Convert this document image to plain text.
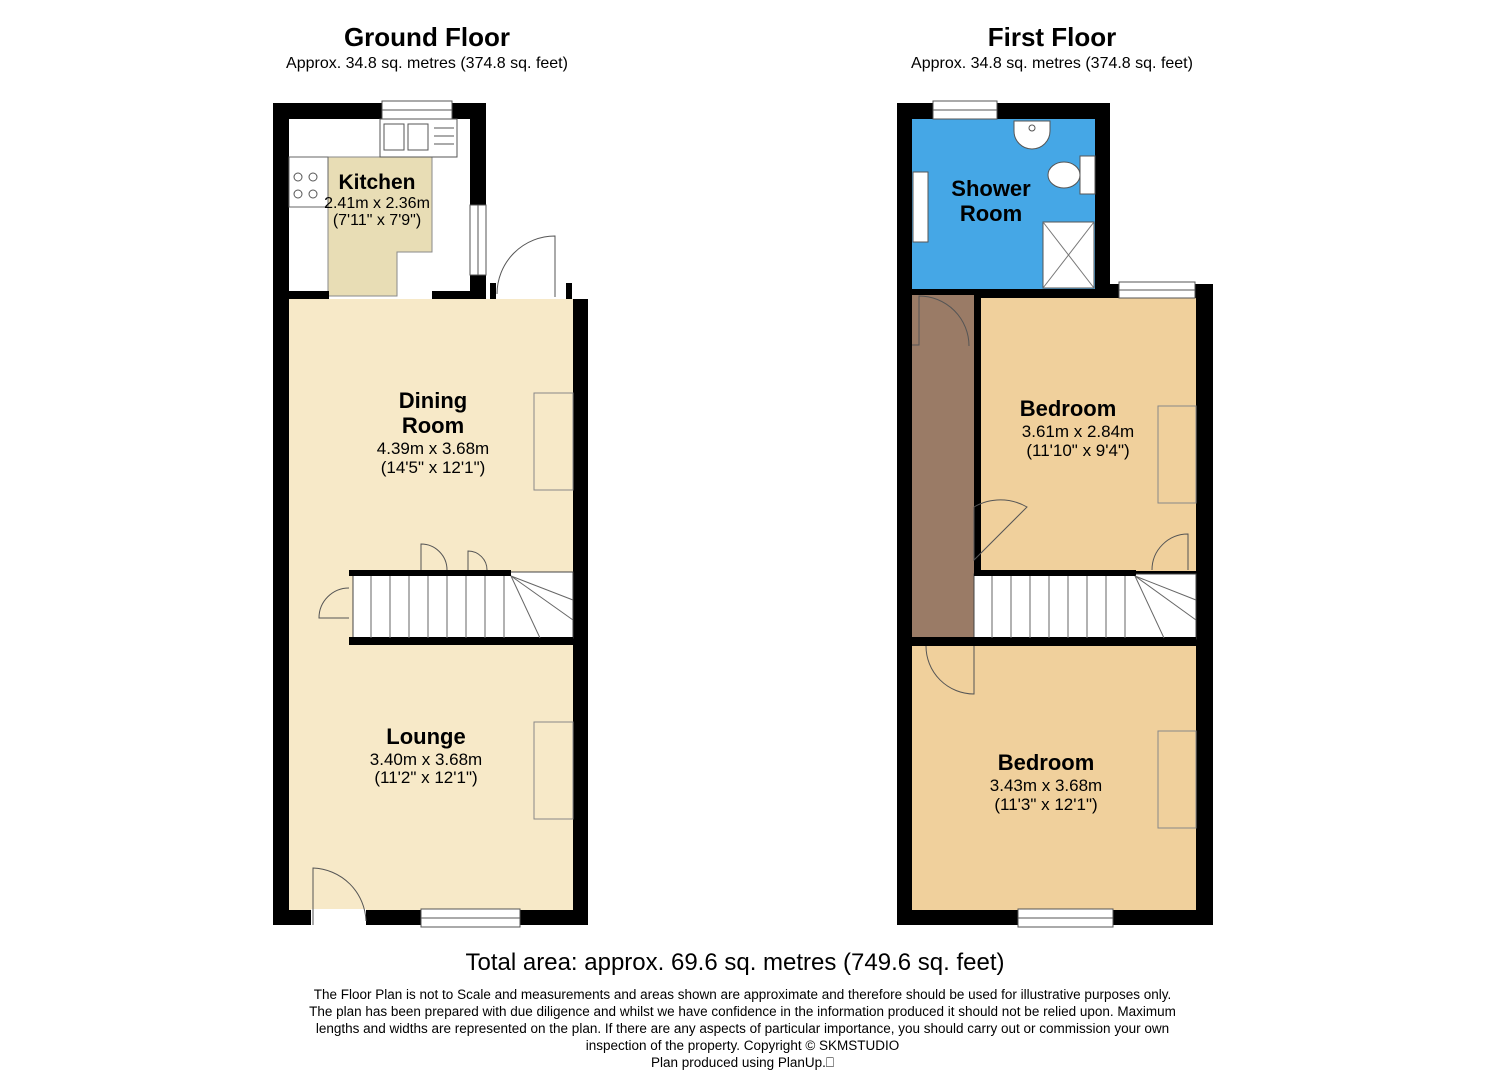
Ground Floor
Approx. 34.8 sq. metres (374.8 sq. feet)
First Floor
Approx. 34.8 sq. metres (374.8 sq. feet)
Kitchen
2.41m x 2.36m
(7'11" x 7'9")
Dining
Room
4.39m x 3.68m
(14'5" x 12'1")
Lounge
3.40m x 3.68m
(11'2" x 12'1")
Shower
Room
Bedroom
3.61m x 2.84m
(11'10" x 9'4")
Bedroom
3.43m x 3.68m
(11'3" x 12'1")
Total area: approx. 69.6 sq. metres (749.6 sq. feet)
The Floor Plan is not to Scale and measurements and areas shown are approximate and therefore should be used for illustrative purposes only.
The plan has been prepared with due diligence and whilst we have confidence in the information produced it should not be relied upon. Maximum
lengths and widths are represented on the plan. If there are any aspects of particular importance, you should carry out or commission your own
inspection of the property. Copyright © SKMSTUDIO
Plan produced using PlanUp.⎕
